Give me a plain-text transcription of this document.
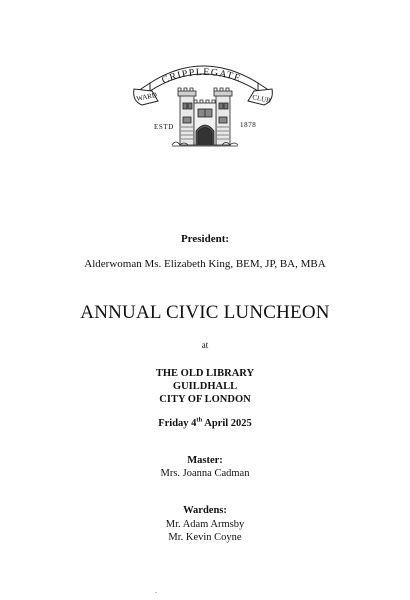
CRIPPLEGATE
WARD	CLUB
ESTD	1878
President:
Alderwoman Ms. Elizabeth King, BEM, JP, BA, MBA
ANNUAL CIVIC LUNCHEON
at
THE OLD LIBRARY
GUILDHALL
CITY OF LONDON
Friday 4th April 2025
Master:
Mrs. Joanna Cadman
Wardens:
Mr. Adam Armsby
Mr. Kevin Coyne
